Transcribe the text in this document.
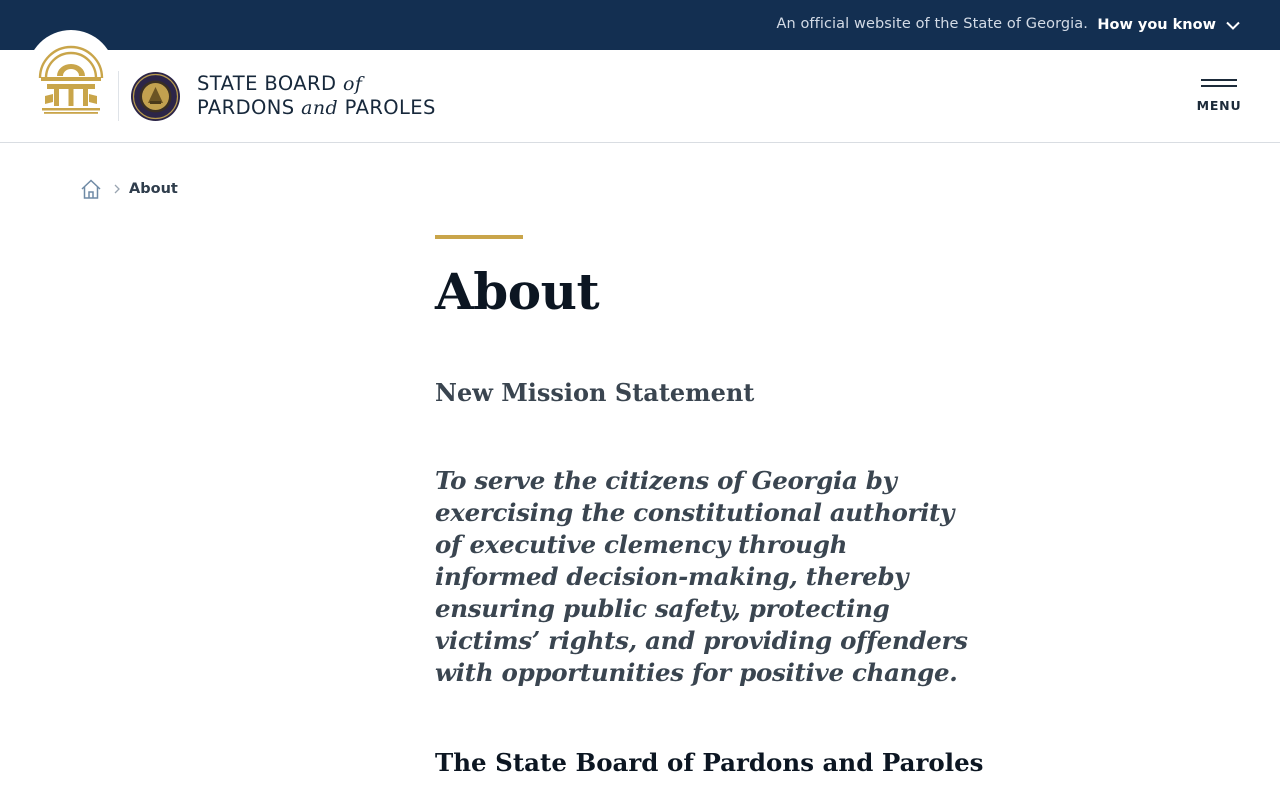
An official website of the State of Georgia. How you know
STATE BOARD of
PARDONS and PAROLES	MENU
About
About
New Mission Statement

To serve the citizens of Georgia by exercising the constitutional authority of executive clemency through informed decision-making, thereby ensuring public safety, protecting victims’ rights, and providing offenders with opportunities for positive change.

The State Board of Pardons and Paroles
